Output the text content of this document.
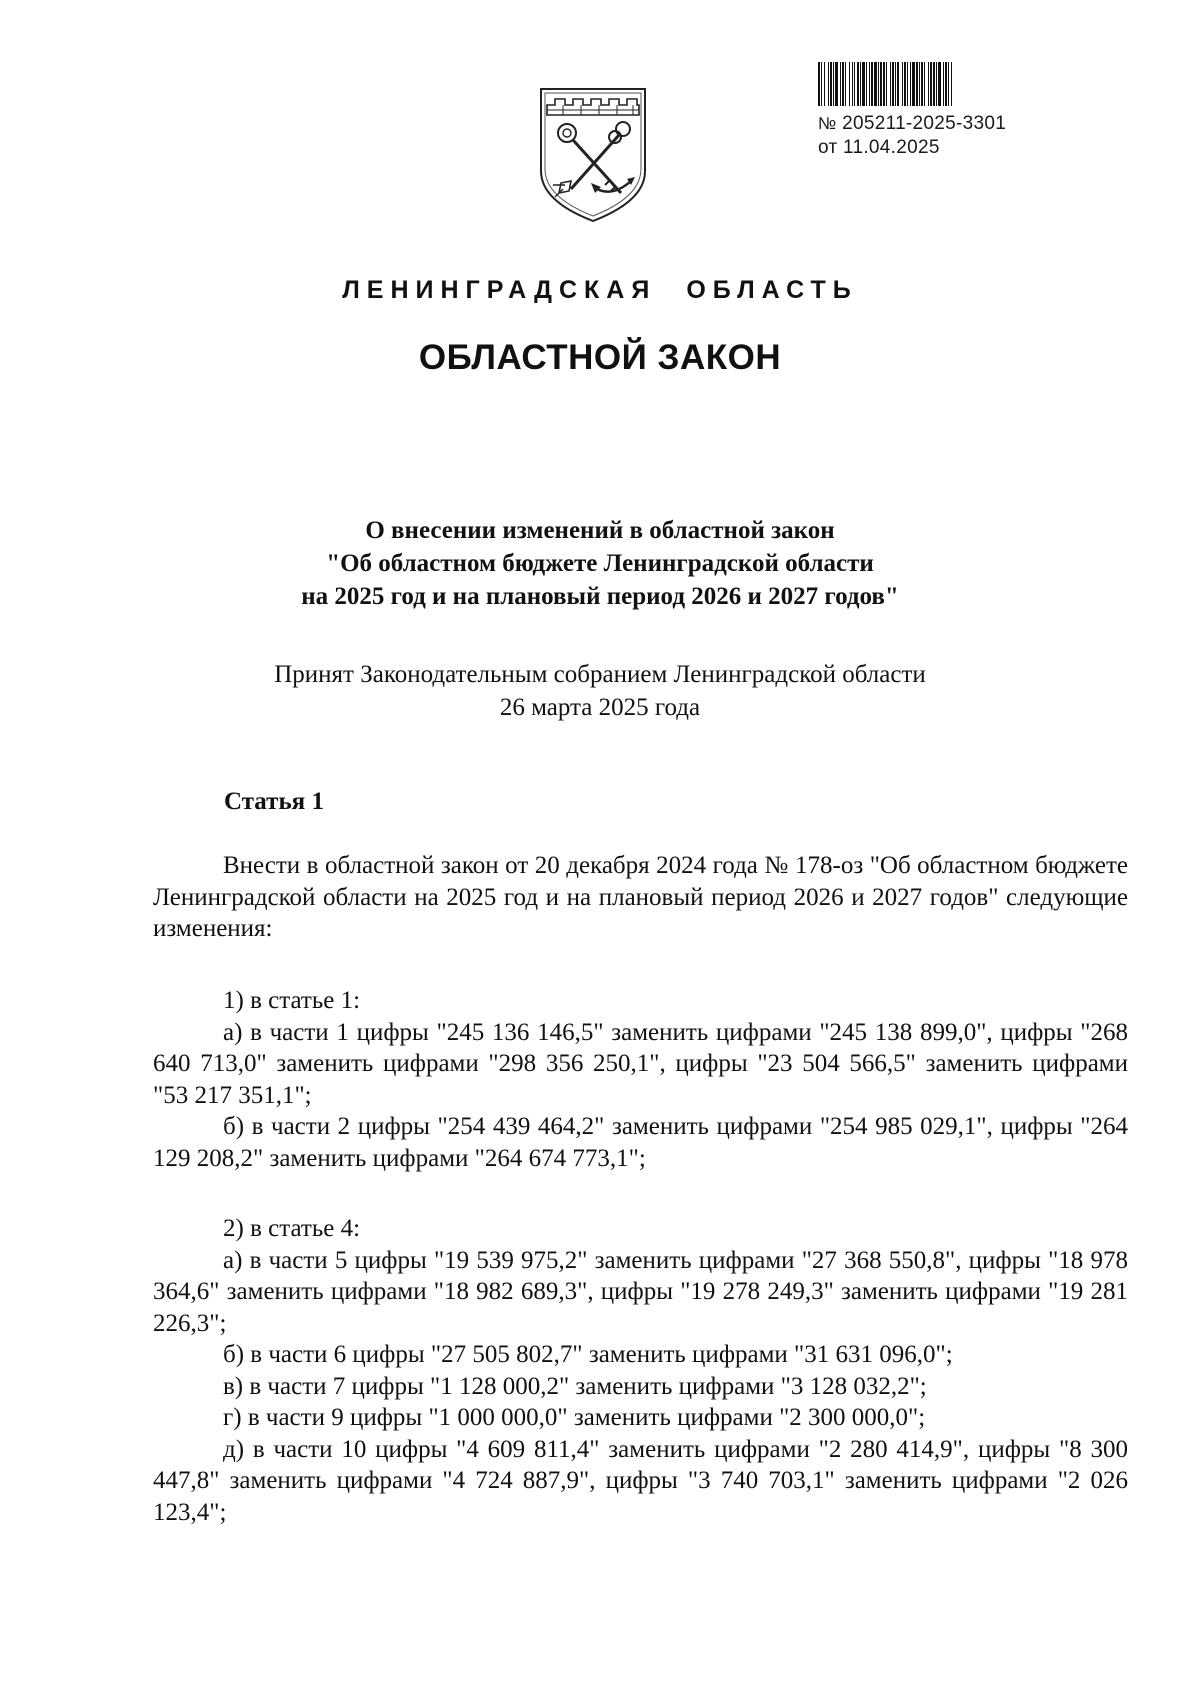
№ 205211-2025-3301
от 11.04.2025
ЛЕНИНГРАДСКАЯ ОБЛАСТЬ
ОБЛАСТНОЙ ЗАКОН
О внесении изменений в областной закон
"Об областном бюджете Ленинградской области
на 2025 год и на плановый период 2026 и 2027 годов"
Принят Законодательным собранием Ленинградской области
26 марта 2025 года
Статья 1
Внести в областной закон от 20 декабря 2024 года № 178-оз "Об областном бюджете Ленинградской области на 2025 год и на плановый период 2026 и 2027 годов" следующие изменения:
1) в статье 1:
а) в части 1 цифры "245 136 146,5" заменить цифрами "245 138 899,0", цифры "268 640 713,0" заменить цифрами "298 356 250,1", цифры "23 504 566,5" заменить цифрами "53 217 351,1";
б) в части 2 цифры "254 439 464,2" заменить цифрами "254 985 029,1", цифры "264 129 208,2" заменить цифрами "264 674 773,1";
2) в статье 4:
а) в части 5 цифры "19 539 975,2" заменить цифрами "27 368 550,8", цифры "18 978 364,6" заменить цифрами "18 982 689,3", цифры "19 278 249,3" заменить цифрами "19 281 226,3";
б) в части 6 цифры "27 505 802,7" заменить цифрами "31 631 096,0";
в) в части 7 цифры "1 128 000,2" заменить цифрами "3 128 032,2";
г) в части 9 цифры "1 000 000,0" заменить цифрами "2 300 000,0";
д) в части 10 цифры "4 609 811,4" заменить цифрами "2 280 414,9", цифры "8 300 447,8" заменить цифрами "4 724 887,9", цифры "3 740 703,1" заменить цифрами "2 026 123,4";
